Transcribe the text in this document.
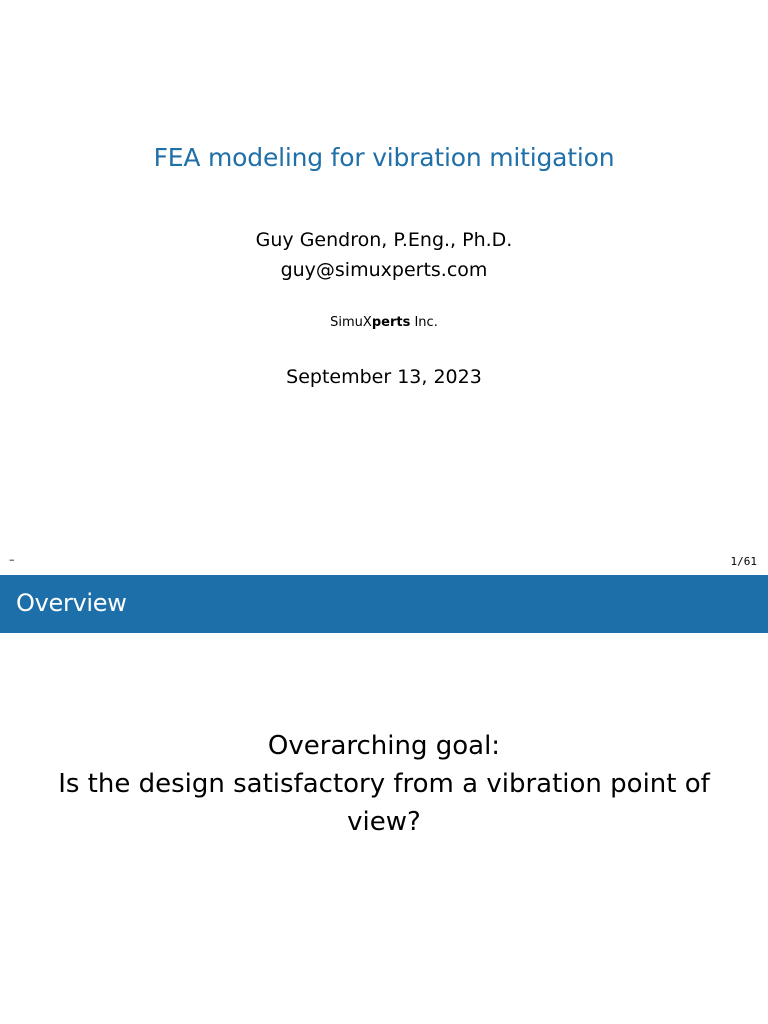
FEA modeling for vibration mitigation
Guy Gendron, P.Eng., Ph.D.
guy@simuxperts.com
SimuXperts Inc.
September 13, 2023
–	1/61
Overview
Overarching goal:
Is the design satisfactory from a vibration point of
view?
